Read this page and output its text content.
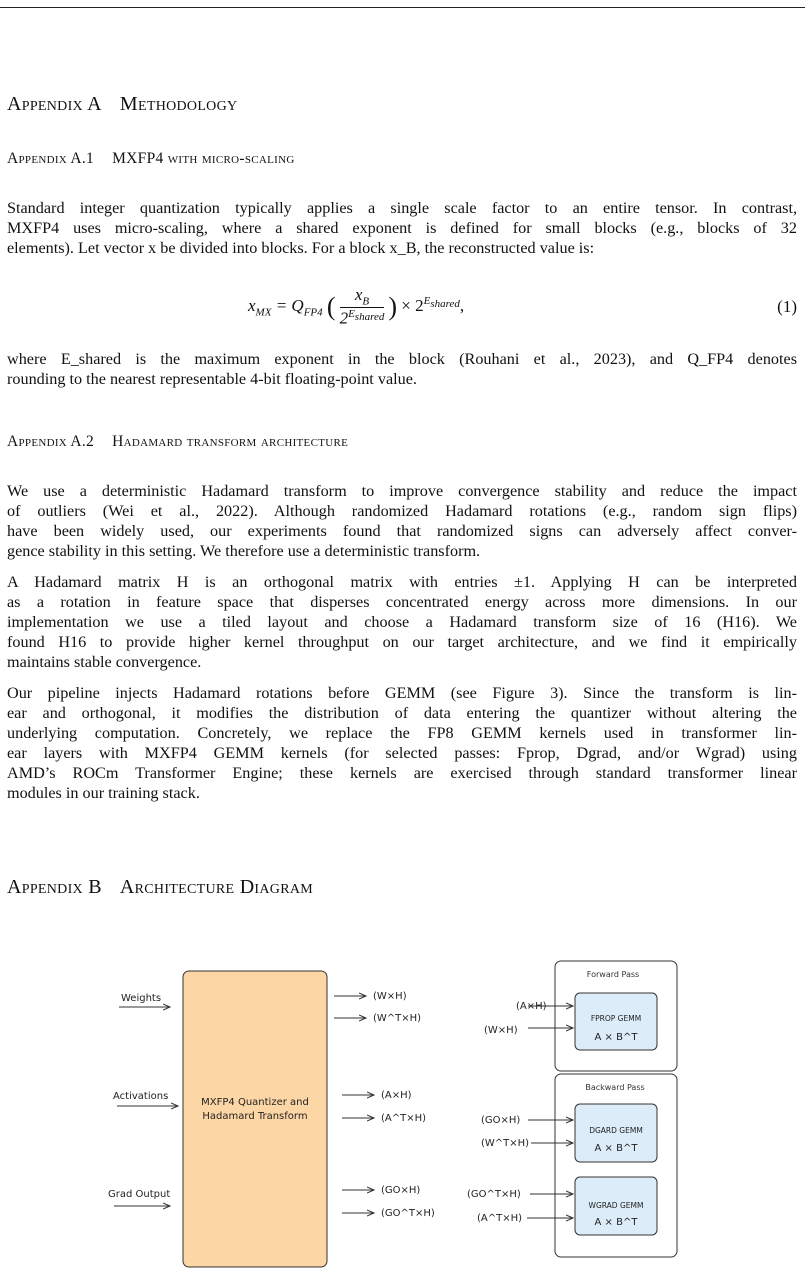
Appendix A Methodology
Appendix A.1 MXFP4 with micro-scaling
Standard integer quantization typically applies a single scale factor to an entire tensor. In contrast,
MXFP4 uses micro-scaling, where a shared exponent is defined for small blocks (e.g., blocks of 32
elements). Let vector x be divided into blocks. For a block x_B, the reconstructed value is:
$x_{MX} = Q_{FP4}$ ( $\frac{x_B}{2^{E_{shared}}}$ ) × $2^{E_{shared}}$,	(1)
where E_shared is the maximum exponent in the block (Rouhani et al., 2023), and Q_FP4 denotes
rounding to the nearest representable 4-bit floating-point value.
Appendix A.2 Hadamard transform architecture
We use a deterministic Hadamard transform to improve convergence stability and reduce the impact
of outliers (Wei et al., 2022). Although randomized Hadamard rotations (e.g., random sign flips)
have been widely used, our experiments found that randomized signs can adversely affect conver-
gence stability in this setting. We therefore use a deterministic transform.
A Hadamard matrix H is an orthogonal matrix with entries ±1. Applying H can be interpreted
as a rotation in feature space that disperses concentrated energy across more dimensions. In our
implementation we use a tiled layout and choose a Hadamard transform size of 16 (H16). We
found H16 to provide higher kernel throughput on our target architecture, and we find it empirically
maintains stable convergence.
Our pipeline injects Hadamard rotations before GEMM (see Figure 3). Since the transform is lin-
ear and orthogonal, it modifies the distribution of data entering the quantizer without altering the
underlying computation. Concretely, we replace the FP8 GEMM kernels used in transformer lin-
ear layers with MXFP4 GEMM kernels (for selected passes: Fprop, Dgrad, and/or Wgrad) using
AMD’s ROCm Transformer Engine; these kernels are exercised through standard transformer linear
modules in our training stack.
Appendix B Architecture Diagram
Weights
Activations
Grad Output
MXFP4 Quantizer and
Hadamard Transform
(W×H)
(W^T×H)
(A×H)
(A^T×H)
(GO×H)
(GO^T×H)
Forward Pass
FPROP GEMM
A × B^T
(A×H)
(W×H)
Backward Pass
DGARD GEMM
A × B^T
(GO×H)
(W^T×H)
WGRAD GEMM
A × B^T
(GO^T×H)
(A^T×H)
